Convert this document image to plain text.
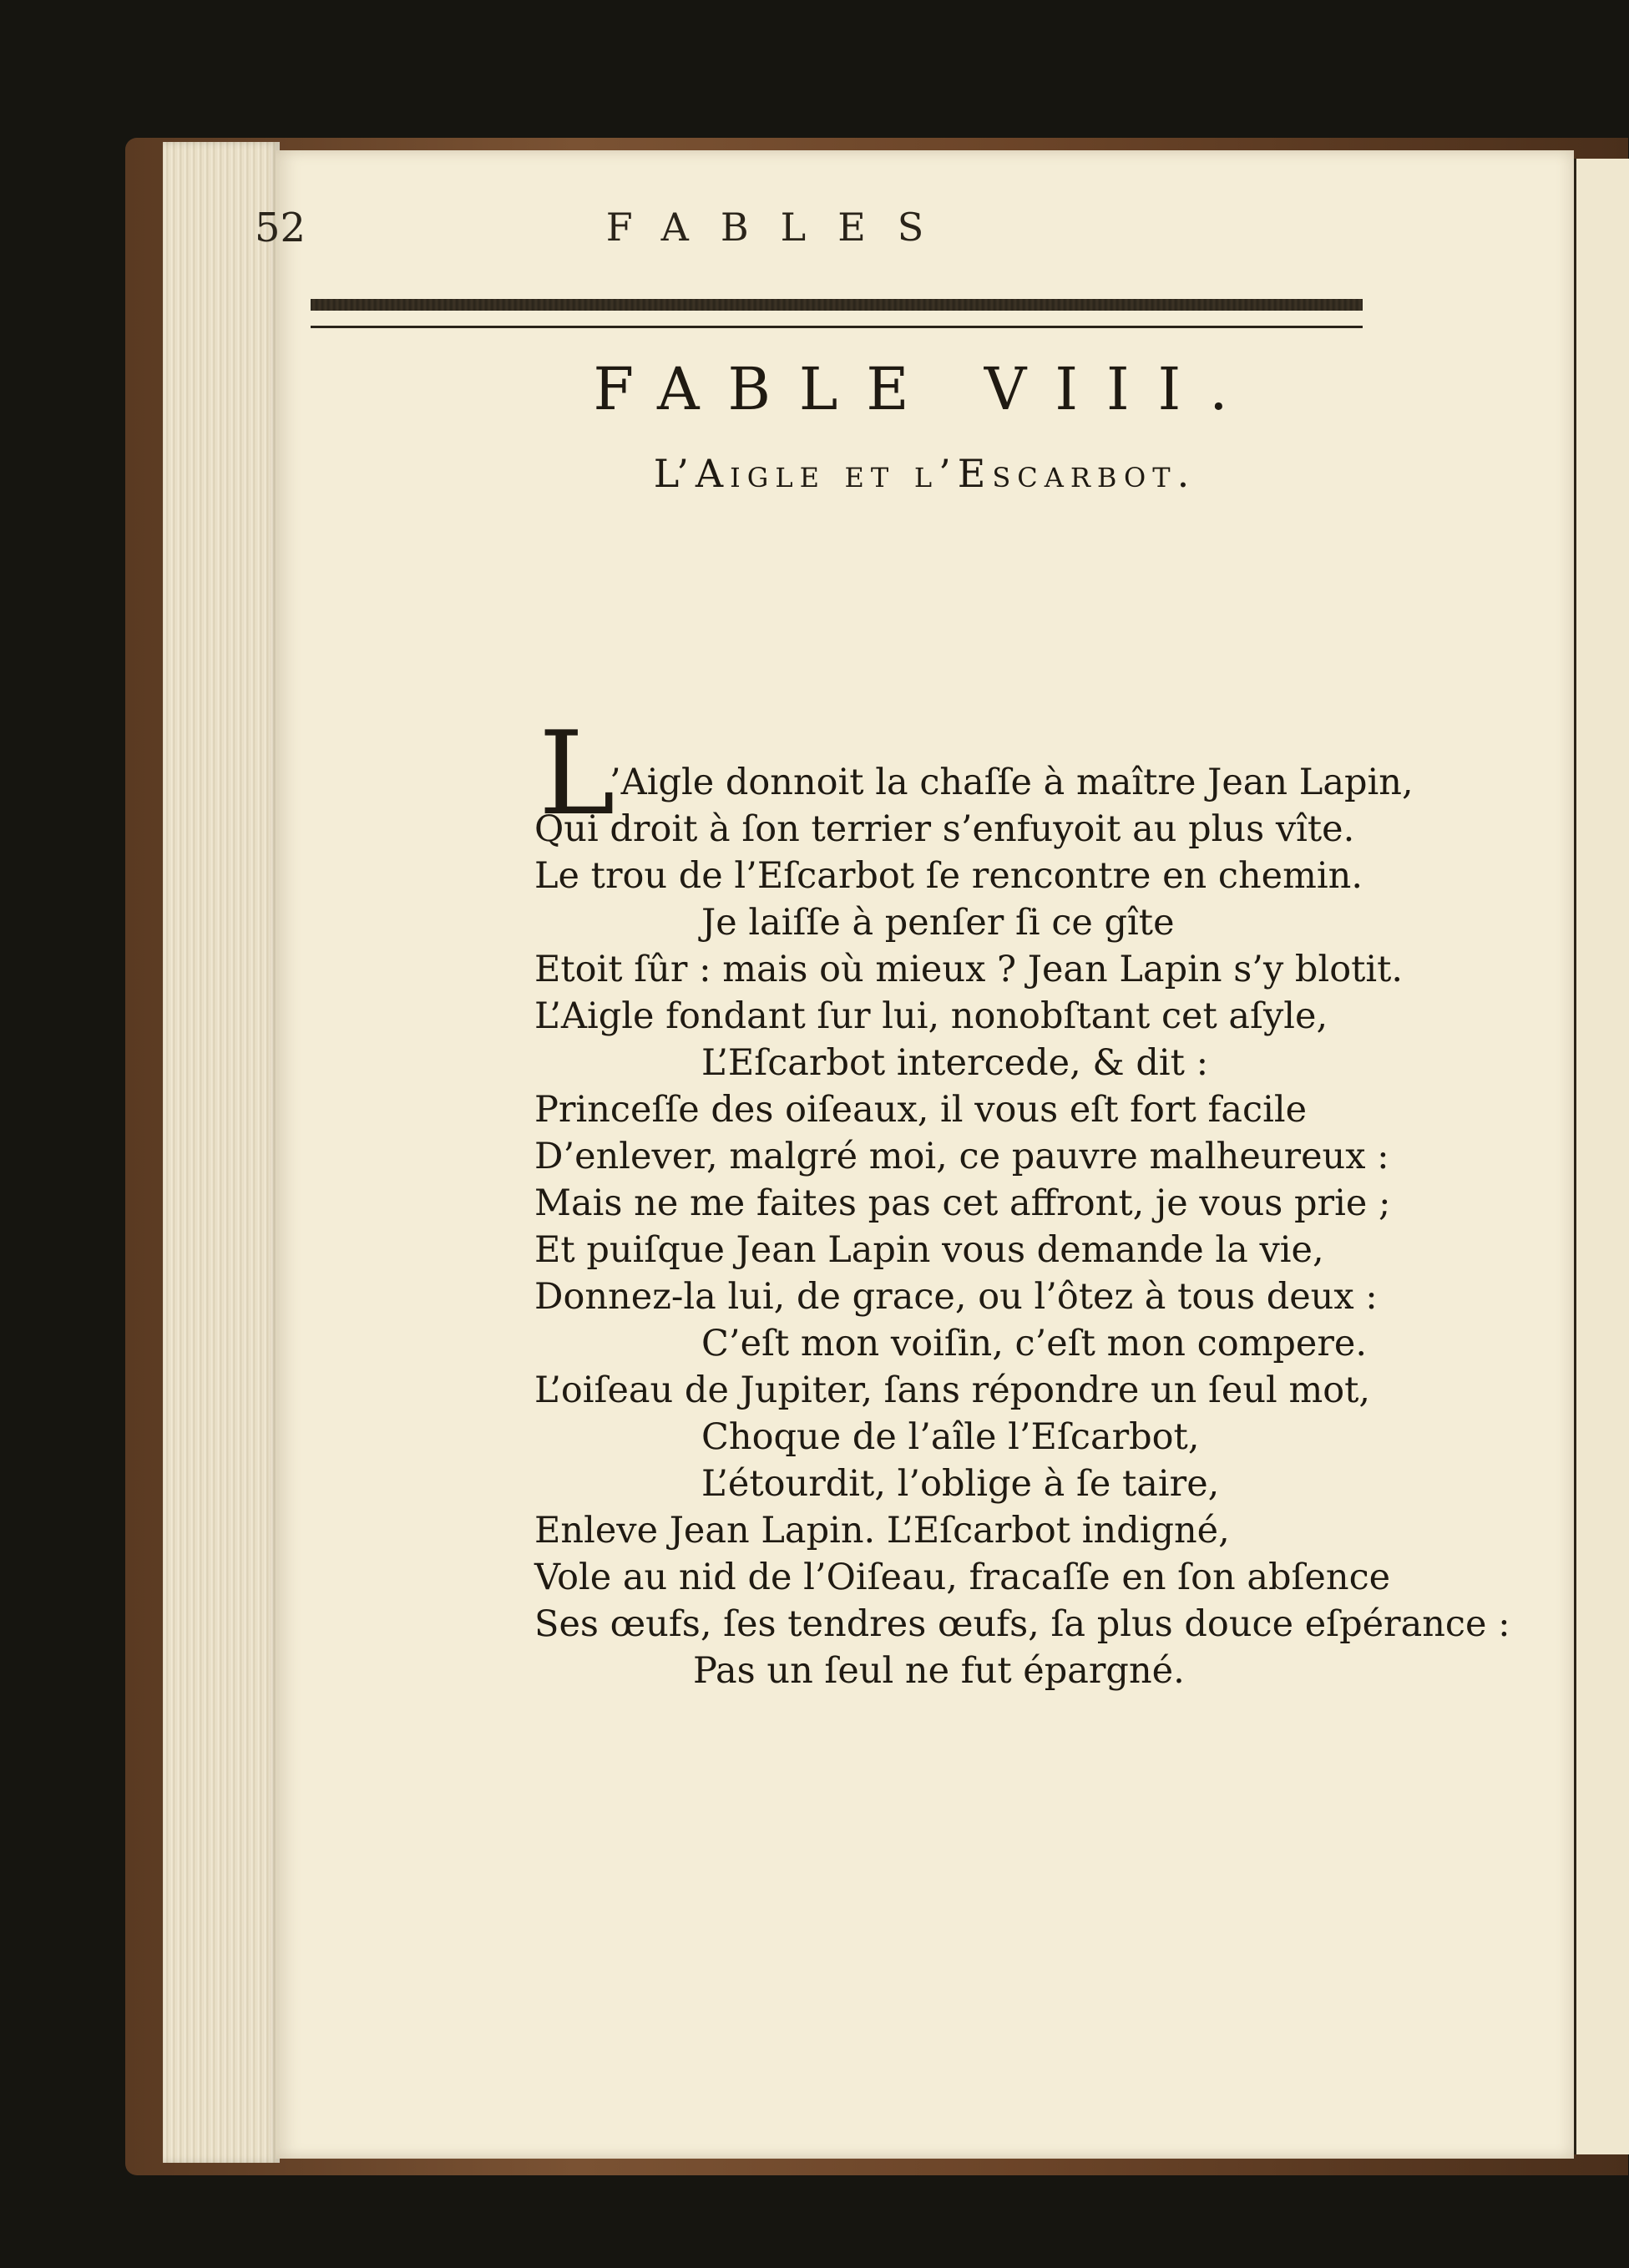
52	FABLES
FABLE VIII.
L’Aigle et l’Escarbot.
L
’Aigle donnoit la chaſſe à maître Jean Lapin,
Qui droit à ſon terrier s’enfuyoit au plus vîte.
Le trou de l’Eſcarbot ſe rencontre en chemin.
Je laiſſe à penſer ſi ce gîte
Etoit ſûr : mais où mieux ? Jean Lapin s’y blotit.
L’Aigle fondant ſur lui, nonobſtant cet aſyle,
L’Eſcarbot intercede, & dit :
Princeſſe des oiſeaux, il vous eſt fort facile
D’enlever, malgré moi, ce pauvre malheureux :
Mais ne me faites pas cet affront, je vous prie ;
Et puiſque Jean Lapin vous demande la vie,
Donnez-la lui, de grace, ou l’ôtez à tous deux :
C’eſt mon voiſin, c’eſt mon compere.
L’oiſeau de Jupiter, ſans répondre un ſeul mot,
Choque de l’aîle l’Eſcarbot,
L’étourdit, l’oblige à ſe taire,
Enleve Jean Lapin. L’Eſcarbot indigné,
Vole au nid de l’Oiſeau, fracaſſe en ſon abſence
Ses œufs, ſes tendres œufs, ſa plus douce eſpérance :
Pas un ſeul ne fut épargné.
